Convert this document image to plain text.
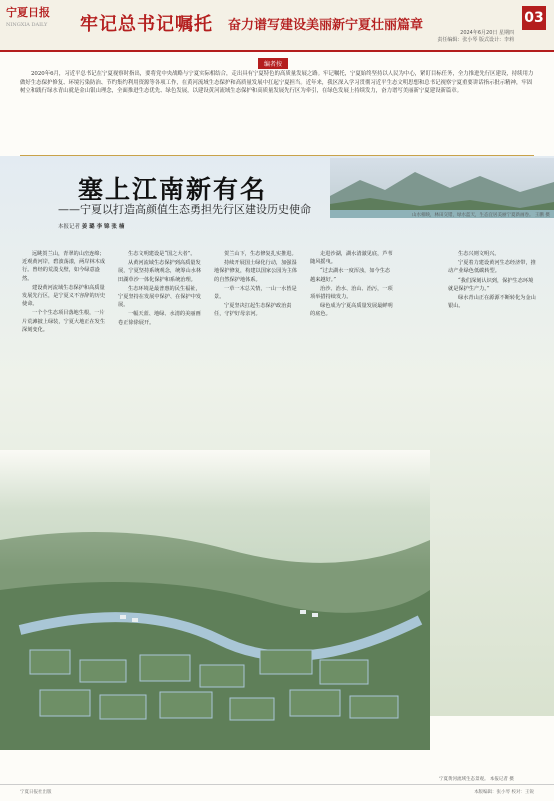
宁夏日报
NINGXIA DAILY 牢记总书记嘱托 奋力谱写建设美丽新宁夏壮丽篇章	2024年6月20日 星期四
责任编辑：张小琴 版式设计：李莉
03
编者按
2020年6月，习近平总书记在宁夏视察时指出，要将党中央战略与宁夏实际相结合，走出具有宁夏特色的高质量发展之路。牢记嘱托，宁夏始终坚持以人民为中心，紧盯目标任务，全力推进先行区建设，持续用力做好生态保护修复、环境污染防治、节约集约利用资源等各项工作，在黄河流域生态保护和高质量发展中扛起宁夏担当。近年来，我区深入学习贯彻习近平生态文明思想和总书记视察宁夏重要讲话指示批示精神，牢固树立和践行绿水青山就是金山银山理念，全面推进生态优先、绿色发展，以建设黄河流域生态保护和高质量发展先行区为牵引，在绿色发展上持续发力，奋力谱写美丽新宁夏建设新篇章。
山水相映，林田交错，绿水蓝天，生态宜居美丽宁夏新画卷。 王鹏 摄
塞上江南新有名
——宁夏以打造高颜值生态勇担先行区建设历史使命
本报记者 姜 璐 李 锦 张 楠

远眺贺兰山，青翠的山峦连绵；近观黄河岸，碧波荡漾，两岸林木成行。曾经的荒漠戈壁，如今绿意盎然。

建设黄河流域生态保护和高质量发展先行区，是宁夏义不容辞的历史使命。

一个个生态项目落地生根，一片片荒滩披上绿装，宁夏大地正在发生深刻变化。

生态文明建设是“国之大者”。

从黄河流域生态保护到高质量发展，宁夏坚持系统观念，统筹山水林田湖草沙一体化保护和系统治理。

生态环境是最普惠的民生福祉，宁夏坚持在发展中保护、在保护中发展。

一幅天蓝、地绿、水清的美丽画卷正徐徐展开。

贺兰山下，生态修复扎实推进。

持续开展国土绿化行动，加强湿地保护修复，构建以国家公园为主体的自然保护地体系。

一草一木总关情，一山一水皆是景。

宁夏坚决扛起生态保护政治责任，守护好母亲河。

走进沙湖，湖水清澈见底，芦苇随风摇曳。

“过去湖水一度浑浊，如今生态越来越好。”

治沙、治水、治山、治污，一项项举措持续发力。

绿色成为宁夏高质量发展最鲜明的底色。

生态兴则文明兴。

宁夏着力建设黄河生态经济带，推动产业绿色低碳转型。

“我们深刻认识到，保护生态环境就是保护生产力。”

绿水青山正在源源不断转化为金山银山。

宁夏黄河流域生态景观。 本报记者 摄
宁夏日报社出版	本版编辑：张小琴 校对：王锐
